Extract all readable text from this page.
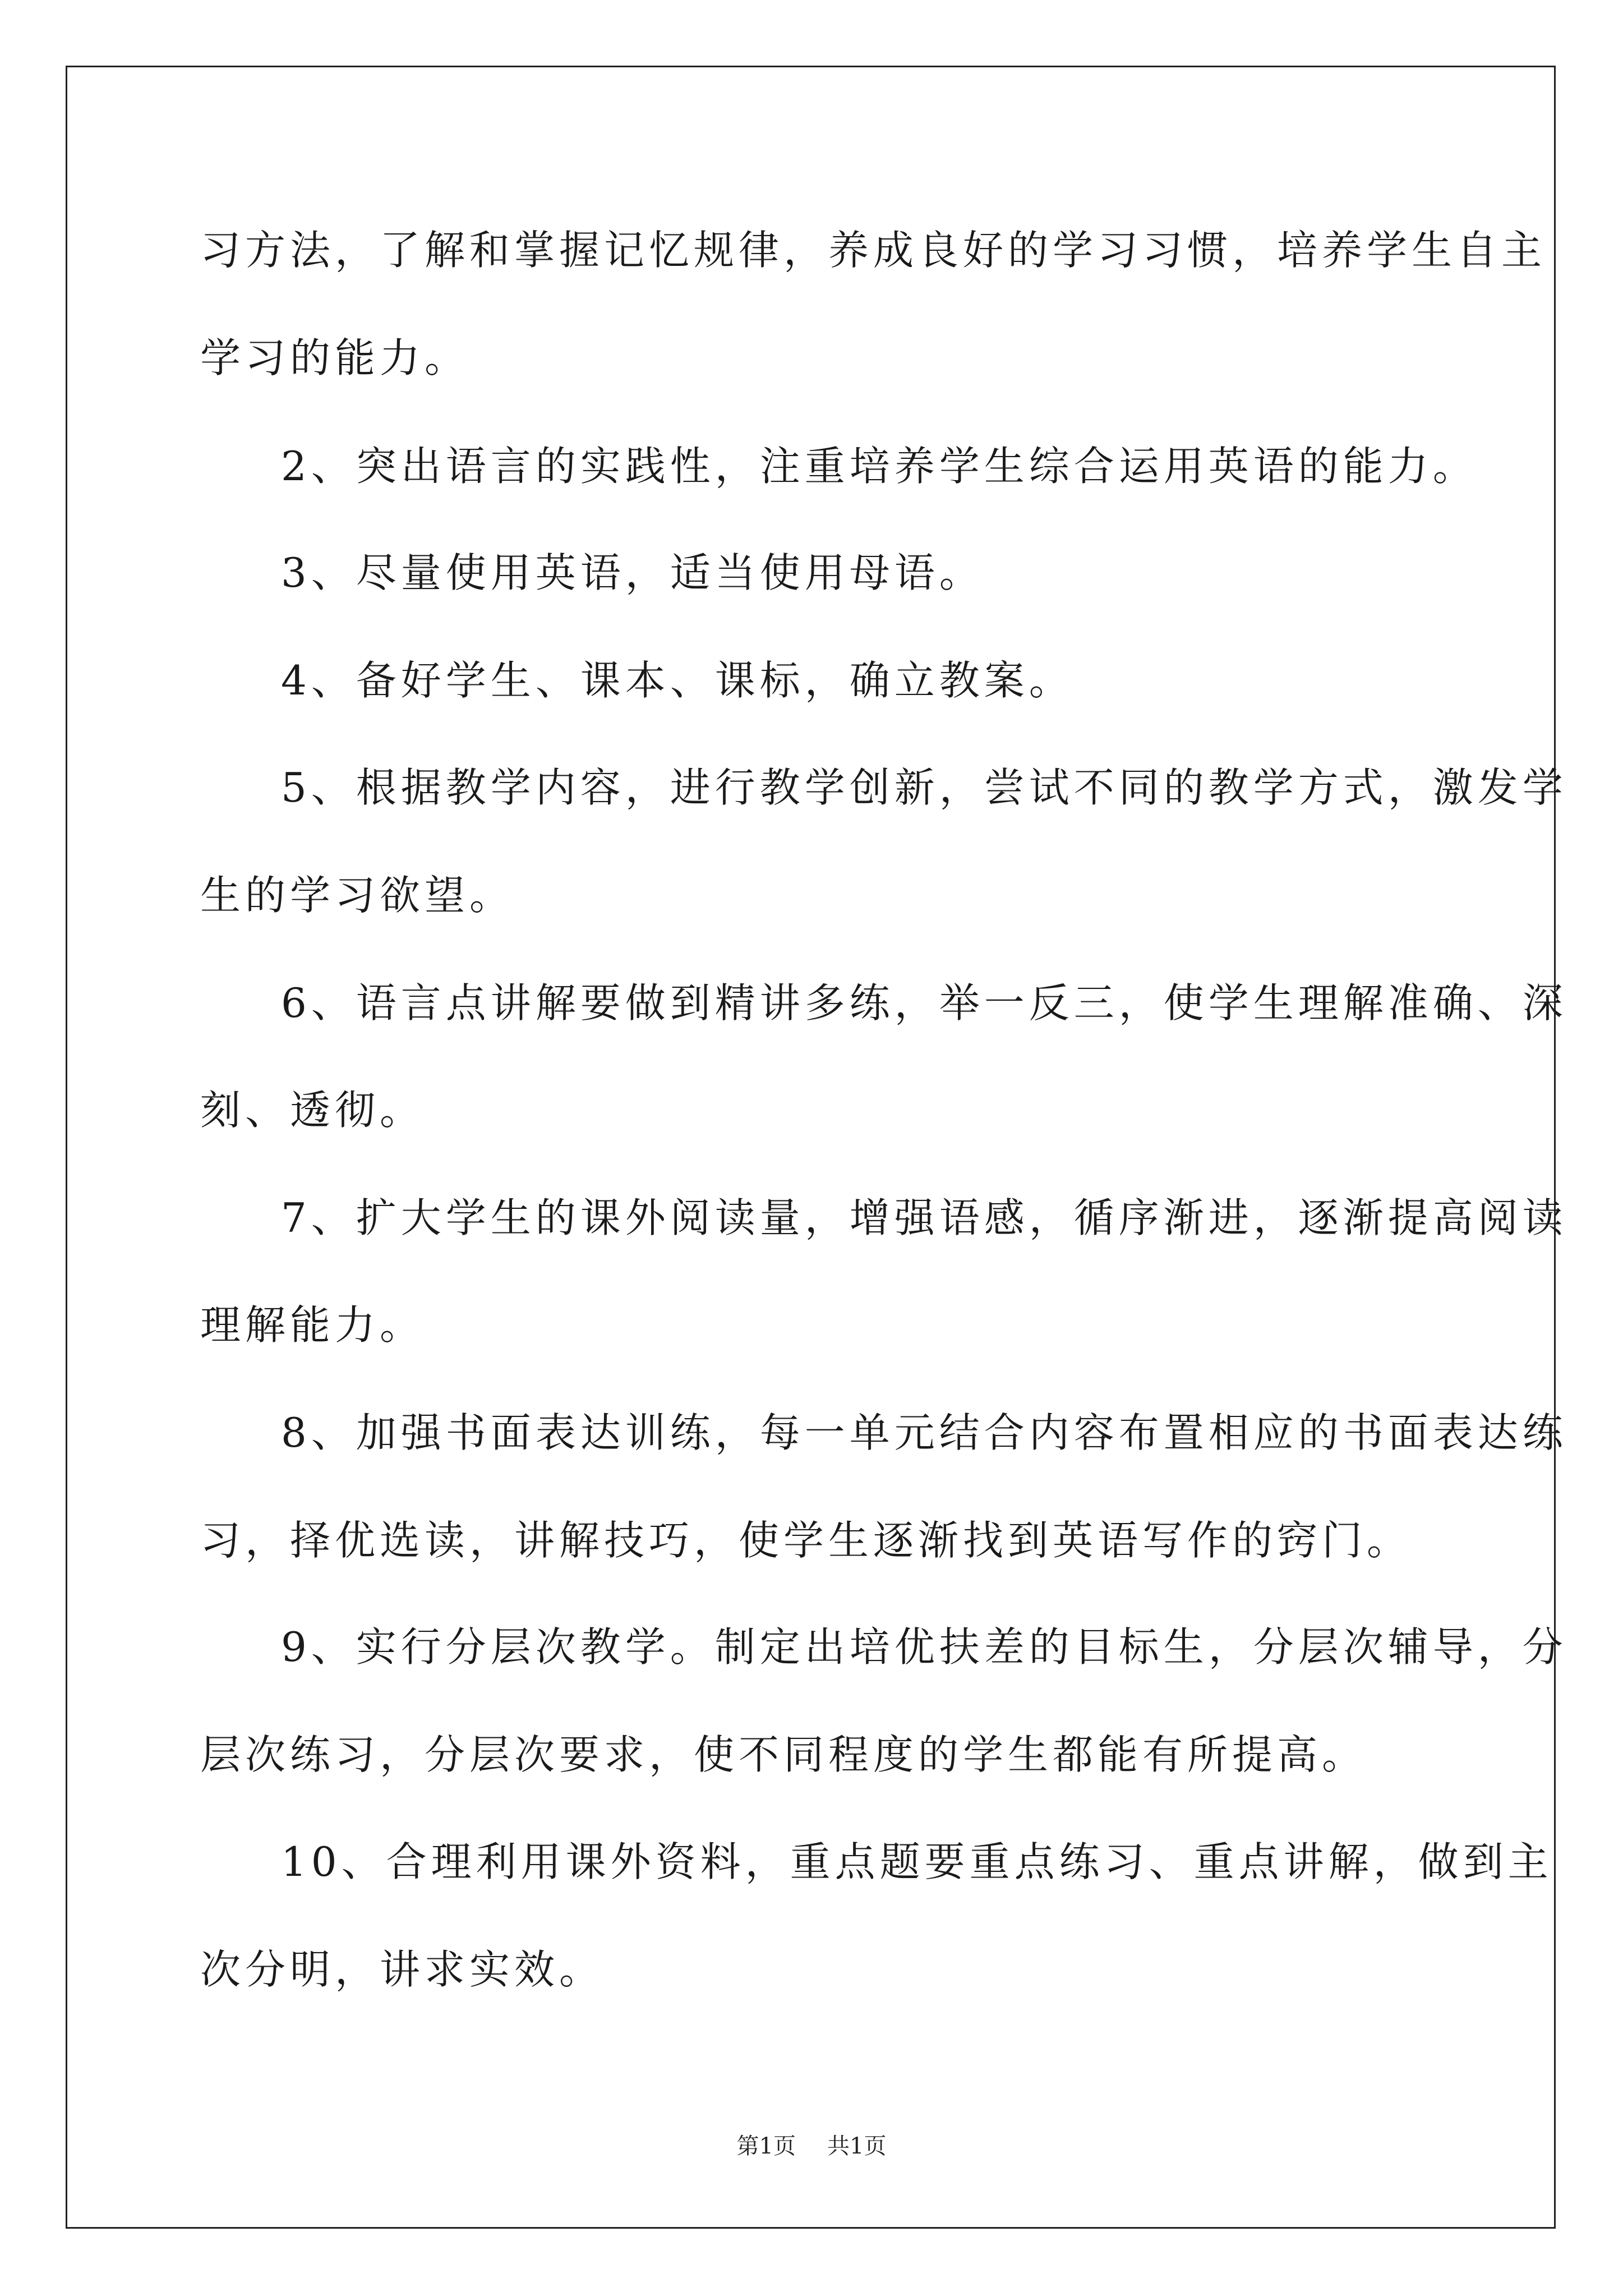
习方法，了解和掌握记忆规律，养成良好的学习习惯，培养学生自主
学习的能力。
2、突出语言的实践性，注重培养学生综合运用英语的能力。
3、尽量使用英语，适当使用母语。
4、备好学生、课本、课标，确立教案。
5、根据教学内容，进行教学创新，尝试不同的教学方式，激发学
生的学习欲望。
6、语言点讲解要做到精讲多练，举一反三，使学生理解准确、深
刻、透彻。
7、扩大学生的课外阅读量，增强语感，循序渐进，逐渐提高阅读
理解能力。
8、加强书面表达训练，每一单元结合内容布置相应的书面表达练
习，择优选读，讲解技巧，使学生逐渐找到英语写作的窍门。
9、实行分层次教学。制定出培优扶差的目标生，分层次辅导，分
层次练习，分层次要求，使不同程度的学生都能有所提高。
10、合理利用课外资料，重点题要重点练习、重点讲解，做到主
次分明，讲求实效。
第1页 共1页
